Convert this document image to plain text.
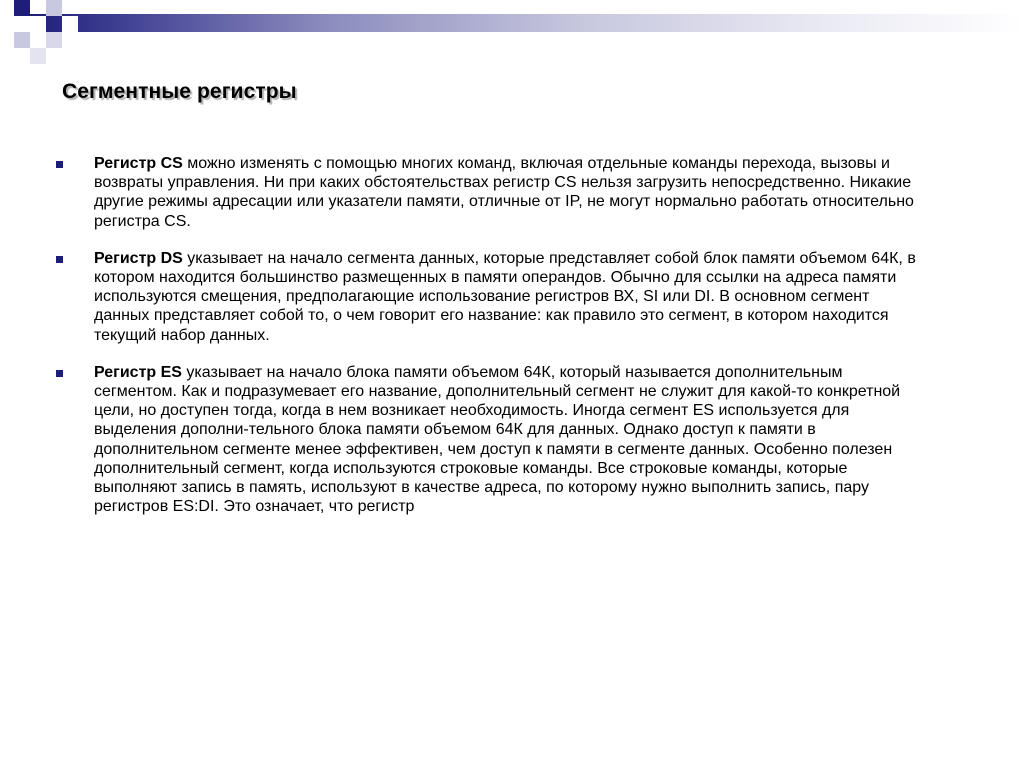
Сегментные регистры
Регистр CS можно изменять с помощью многих команд, включая отдельные команды перехода, вызовы и возвраты управления. Ни при каких обстоятельствах регистр CS нельзя загрузить непосредственно. Никакие другие режимы адресации или указатели памяти, отличные от IP, не могут нормально работать относительно регистра CS.
Регистр DS указывает на начало сегмента данных, которые представляет собой блок памяти объемом 64К, в котором находится большинство размещенных в памяти операндов. Обычно для ссылки на адреса памяти используются смещения, предполагающие использование регистров ВХ, SI или DI. В основном сегмент данных представляет собой то, о чем говорит его название: как правило это сегмент, в котором находится текущий набор данных.
Регистр ES указывает на начало блока памяти объемом 64К, который называется дополнительным сегментом. Как и подразумевает его название, дополнительный сегмент не служит для какой-то конкретной цели, но доступен тогда, когда в нем возникает необходимость. Иногда сегмент ES используется для выделения дополни-тельного блока памяти объемом 64К для данных. Однако доступ к памяти в дополнительном сегменте менее эффективен, чем доступ к памяти в сегменте данных. Особенно полезен дополнительный сегмент, когда используются строковые команды. Все строковые команды, которые выполняют запись в память, используют в качестве адреса, по которому нужно выполнить запись, пару регистров ES:DI. Это означает, что регистр
